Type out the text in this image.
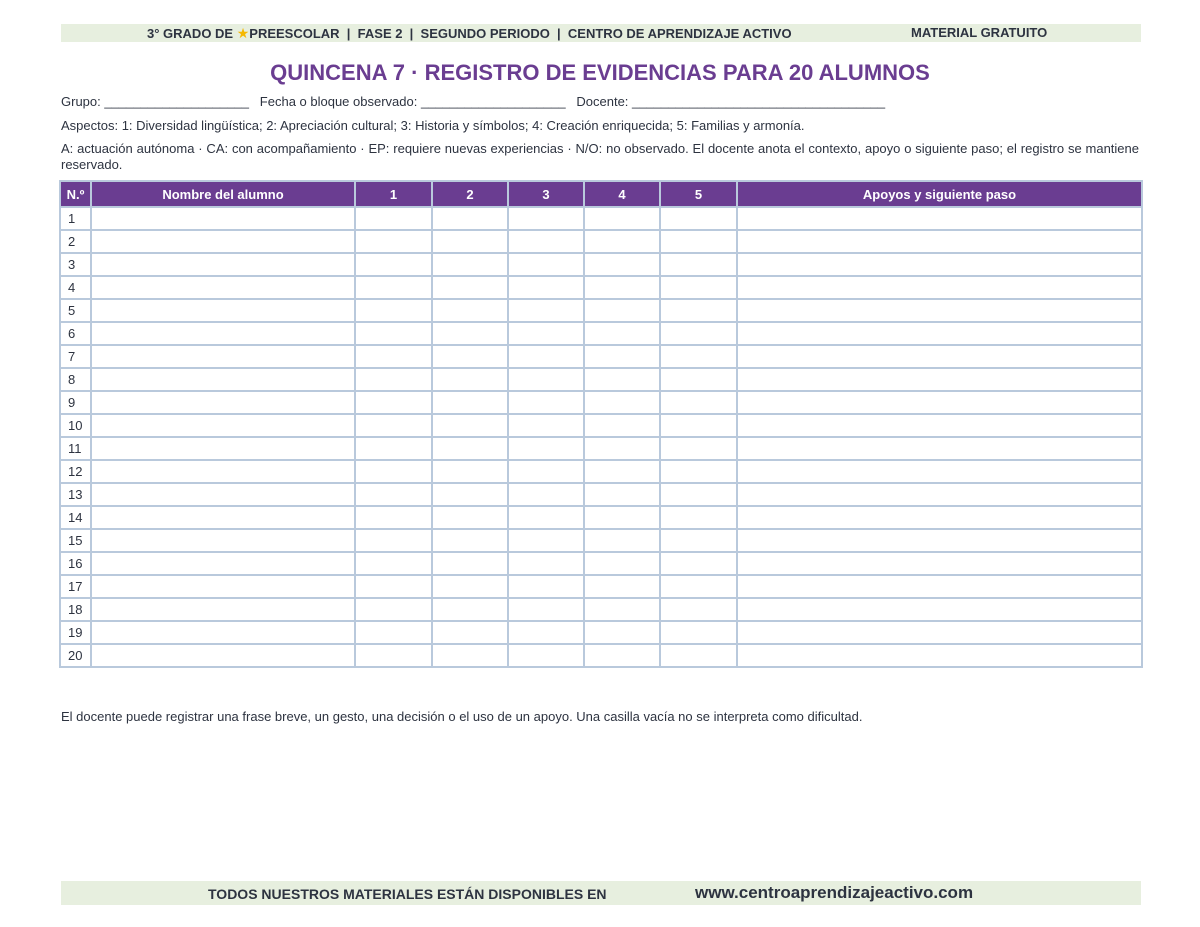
3° GRADO DE ★PREESCOLAR  |  FASE 2  |  SEGUNDO PERIODO  |  CENTRO DE APRENDIZAJE ACTIVO	MATERIAL GRATUITO
QUINCENA 7 · REGISTRO DE EVIDENCIAS PARA 20 ALUMNOS
Grupo: ____________________   Fecha o bloque observado: ____________________   Docente: ___________________________________
Aspectos: 1: Diversidad lingüística; 2: Apreciación cultural; 3: Historia y símbolos; 4: Creación enriquecida; 5: Familias y armonía.
A: actuación autónoma · CA: con acompañamiento · EP: requiere nuevas experiencias · N/O: no observado. El docente anota el contexto, apoyo o siguiente paso; el registro se mantiene reservado.
N.º	Nombre del alumno	1	2	3	4	5	Apoyos y siguiente paso
1							
2							
3							
4							
5							
6							
7							
8							
9							
10							
11							
12							
13							
14							
15							
16							
17							
18							
19							
20							
El docente puede registrar una frase breve, un gesto, una decisión o el uso de un apoyo. Una casilla vacía no se interpreta como dificultad.
TODOS NUESTROS MATERIALES ESTÁN DISPONIBLES EN	www.centroaprendizajeactivo.com
